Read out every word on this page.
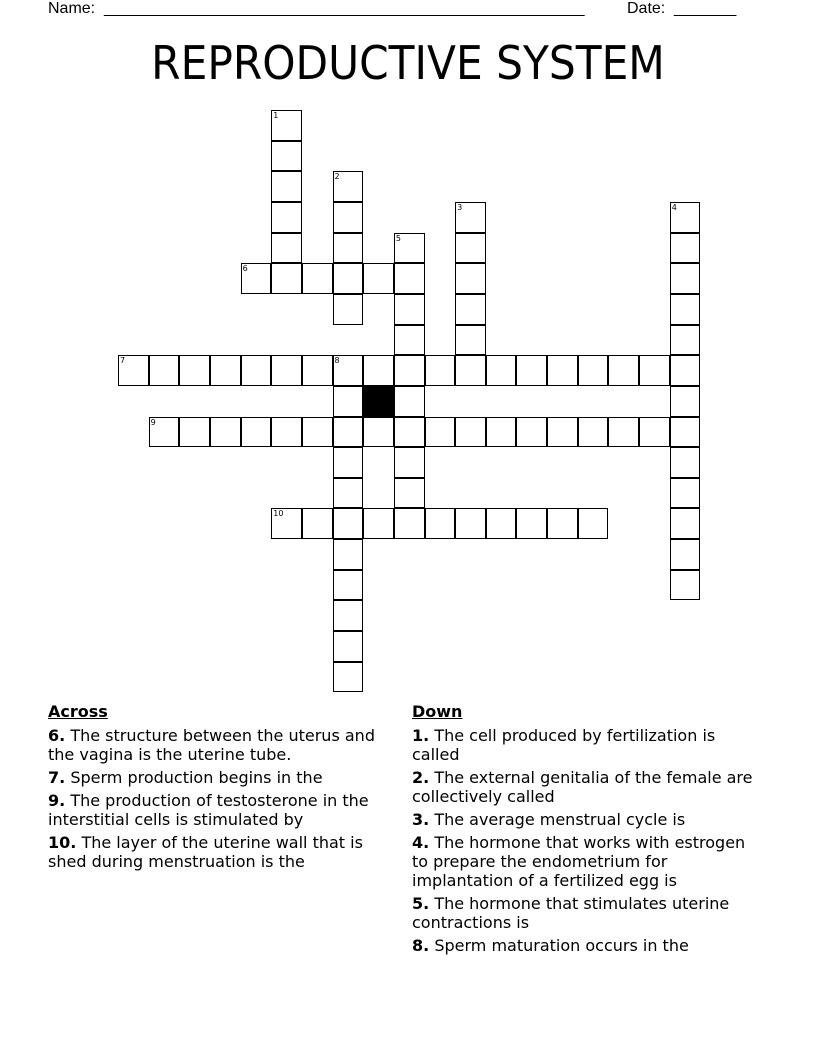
Name: ______________________________________________________	Date: _______
REPRODUCTIVE SYSTEM
1
2
3	4
5
6
7	8
9
10
Across
6. The structure between the uterus and the vagina is the uterine tube.
7. Sperm production begins in the
9. The production of testosterone in the interstitial cells is stimulated by
10. The layer of the uterine wall that is shed during menstruation is the
Down
1. The cell produced by fertilization is called
2. The external genitalia of the female are collectively called
3. The average menstrual cycle is
4. The hormone that works with estrogen to prepare the endometrium for implantation of a fertilized egg is
5. The hormone that stimulates uterine contractions is
8. Sperm maturation occurs in the
